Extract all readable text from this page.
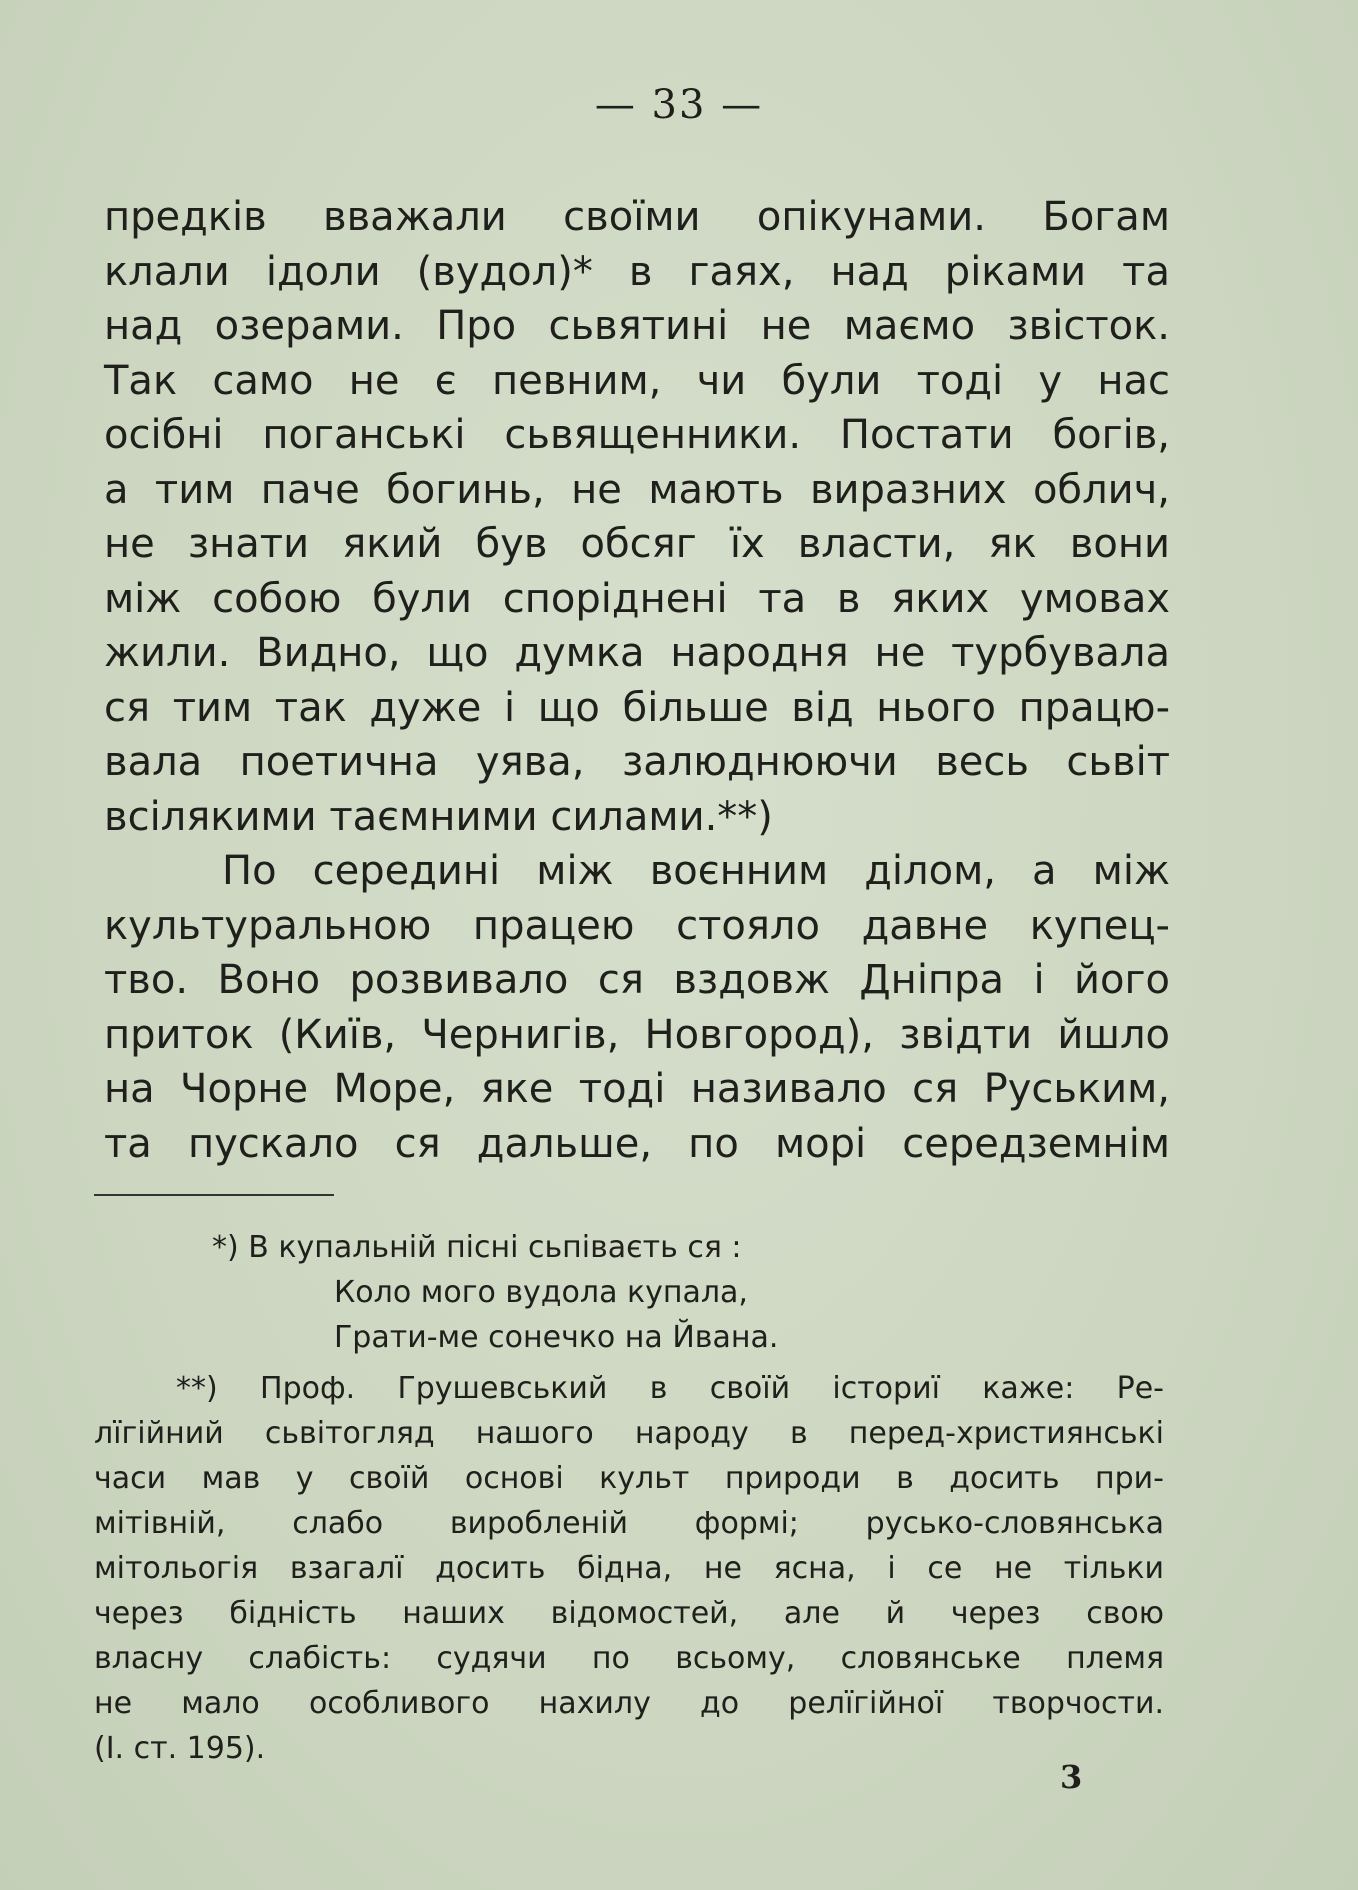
— 33 —
предків вважали своїми опікунами. Богам
клали ідоли (вудол)* в гаях, над ріками та
над озерами. Про сьвятині не маємо звісток.
Так само не є певним, чи були тоді у нас
осібні поганські сьвященники. Постати богів,
а тим паче богинь, не мають виразних облич,
не знати який був обсяг їх власти, як вони
між собою були споріднені та в яких умовах
жили. Видно, що думка народня не турбувала
ся тим так дуже і що більше від нього працю-
вала поетична уява, залюднюючи весь сьвіт
всілякими таємними силами.**)
По середині між воєнним ділом, а між
культуральною працею стояло давне купец-
тво. Воно розвивало ся вздовж Дніпра і його
приток (Київ, Чернигів, Новгород), звідти йшло
на Чорне Море, яке тоді називало ся Руським,
та пускало ся дальше, по морі середземнім
*) В купальній пісні сьпіваєть ся :
Коло мого вудола купала,
Грати-ме сонечко на Йвана.
**) Проф. Грушевський в своїй істориї каже: Ре-
лїгійний сьвітогляд нашого народу в перед-християнські
часи мав у своїй основі культ природи в досить при-
мітівній, слабо виробленій формі; русько-словянська
мітольогія взагалї досить бідна, не ясна, і се не тільки
через бідність наших відомостей, але й через свою
власну слабість: судячи по всьому, словянське племя
не мало особливого нахилу до релїгійної творчости.
(I. ст. 195).
3
